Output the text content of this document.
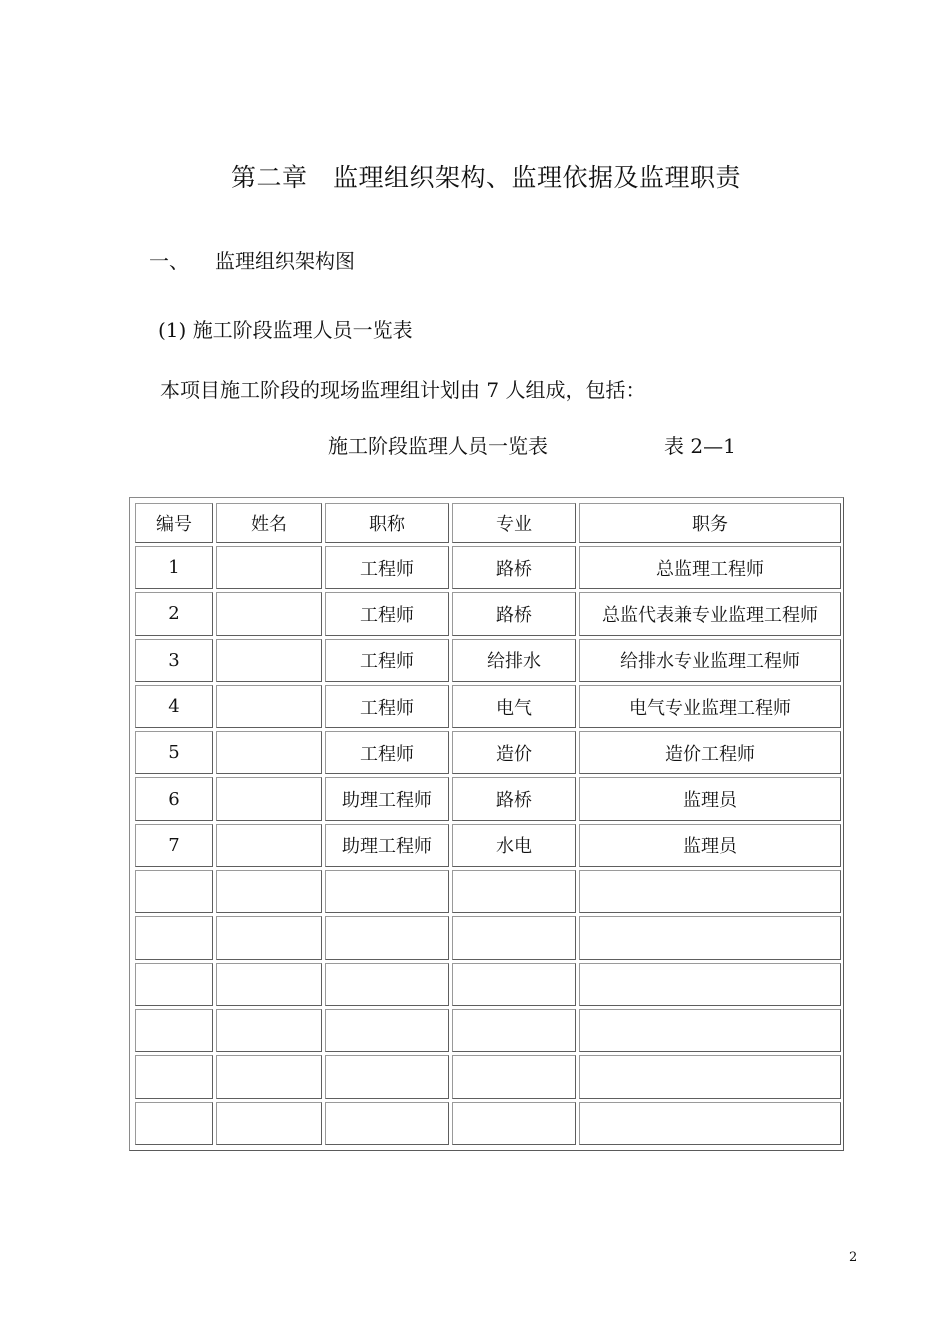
第二章　监理组织架构、监理依据及监理职责
一、 监理组织架构图
(1) 施工阶段监理人员一览表
本项目施工阶段的现场监理组计划由 7 人组成，包括：
施工阶段监理人员一览表	表 2—1
编号	姓名	职称	专业	职务
1		工程师	路桥	总监理工程师
2		工程师	路桥	总监代表兼专业监理工程师
3		工程师	给排水	给排水专业监理工程师
4		工程师	电气	电气专业监理工程师
5		工程师	造价	造价工程师
6		助理工程师	路桥	监理员
7		助理工程师	水电	监理员

2
